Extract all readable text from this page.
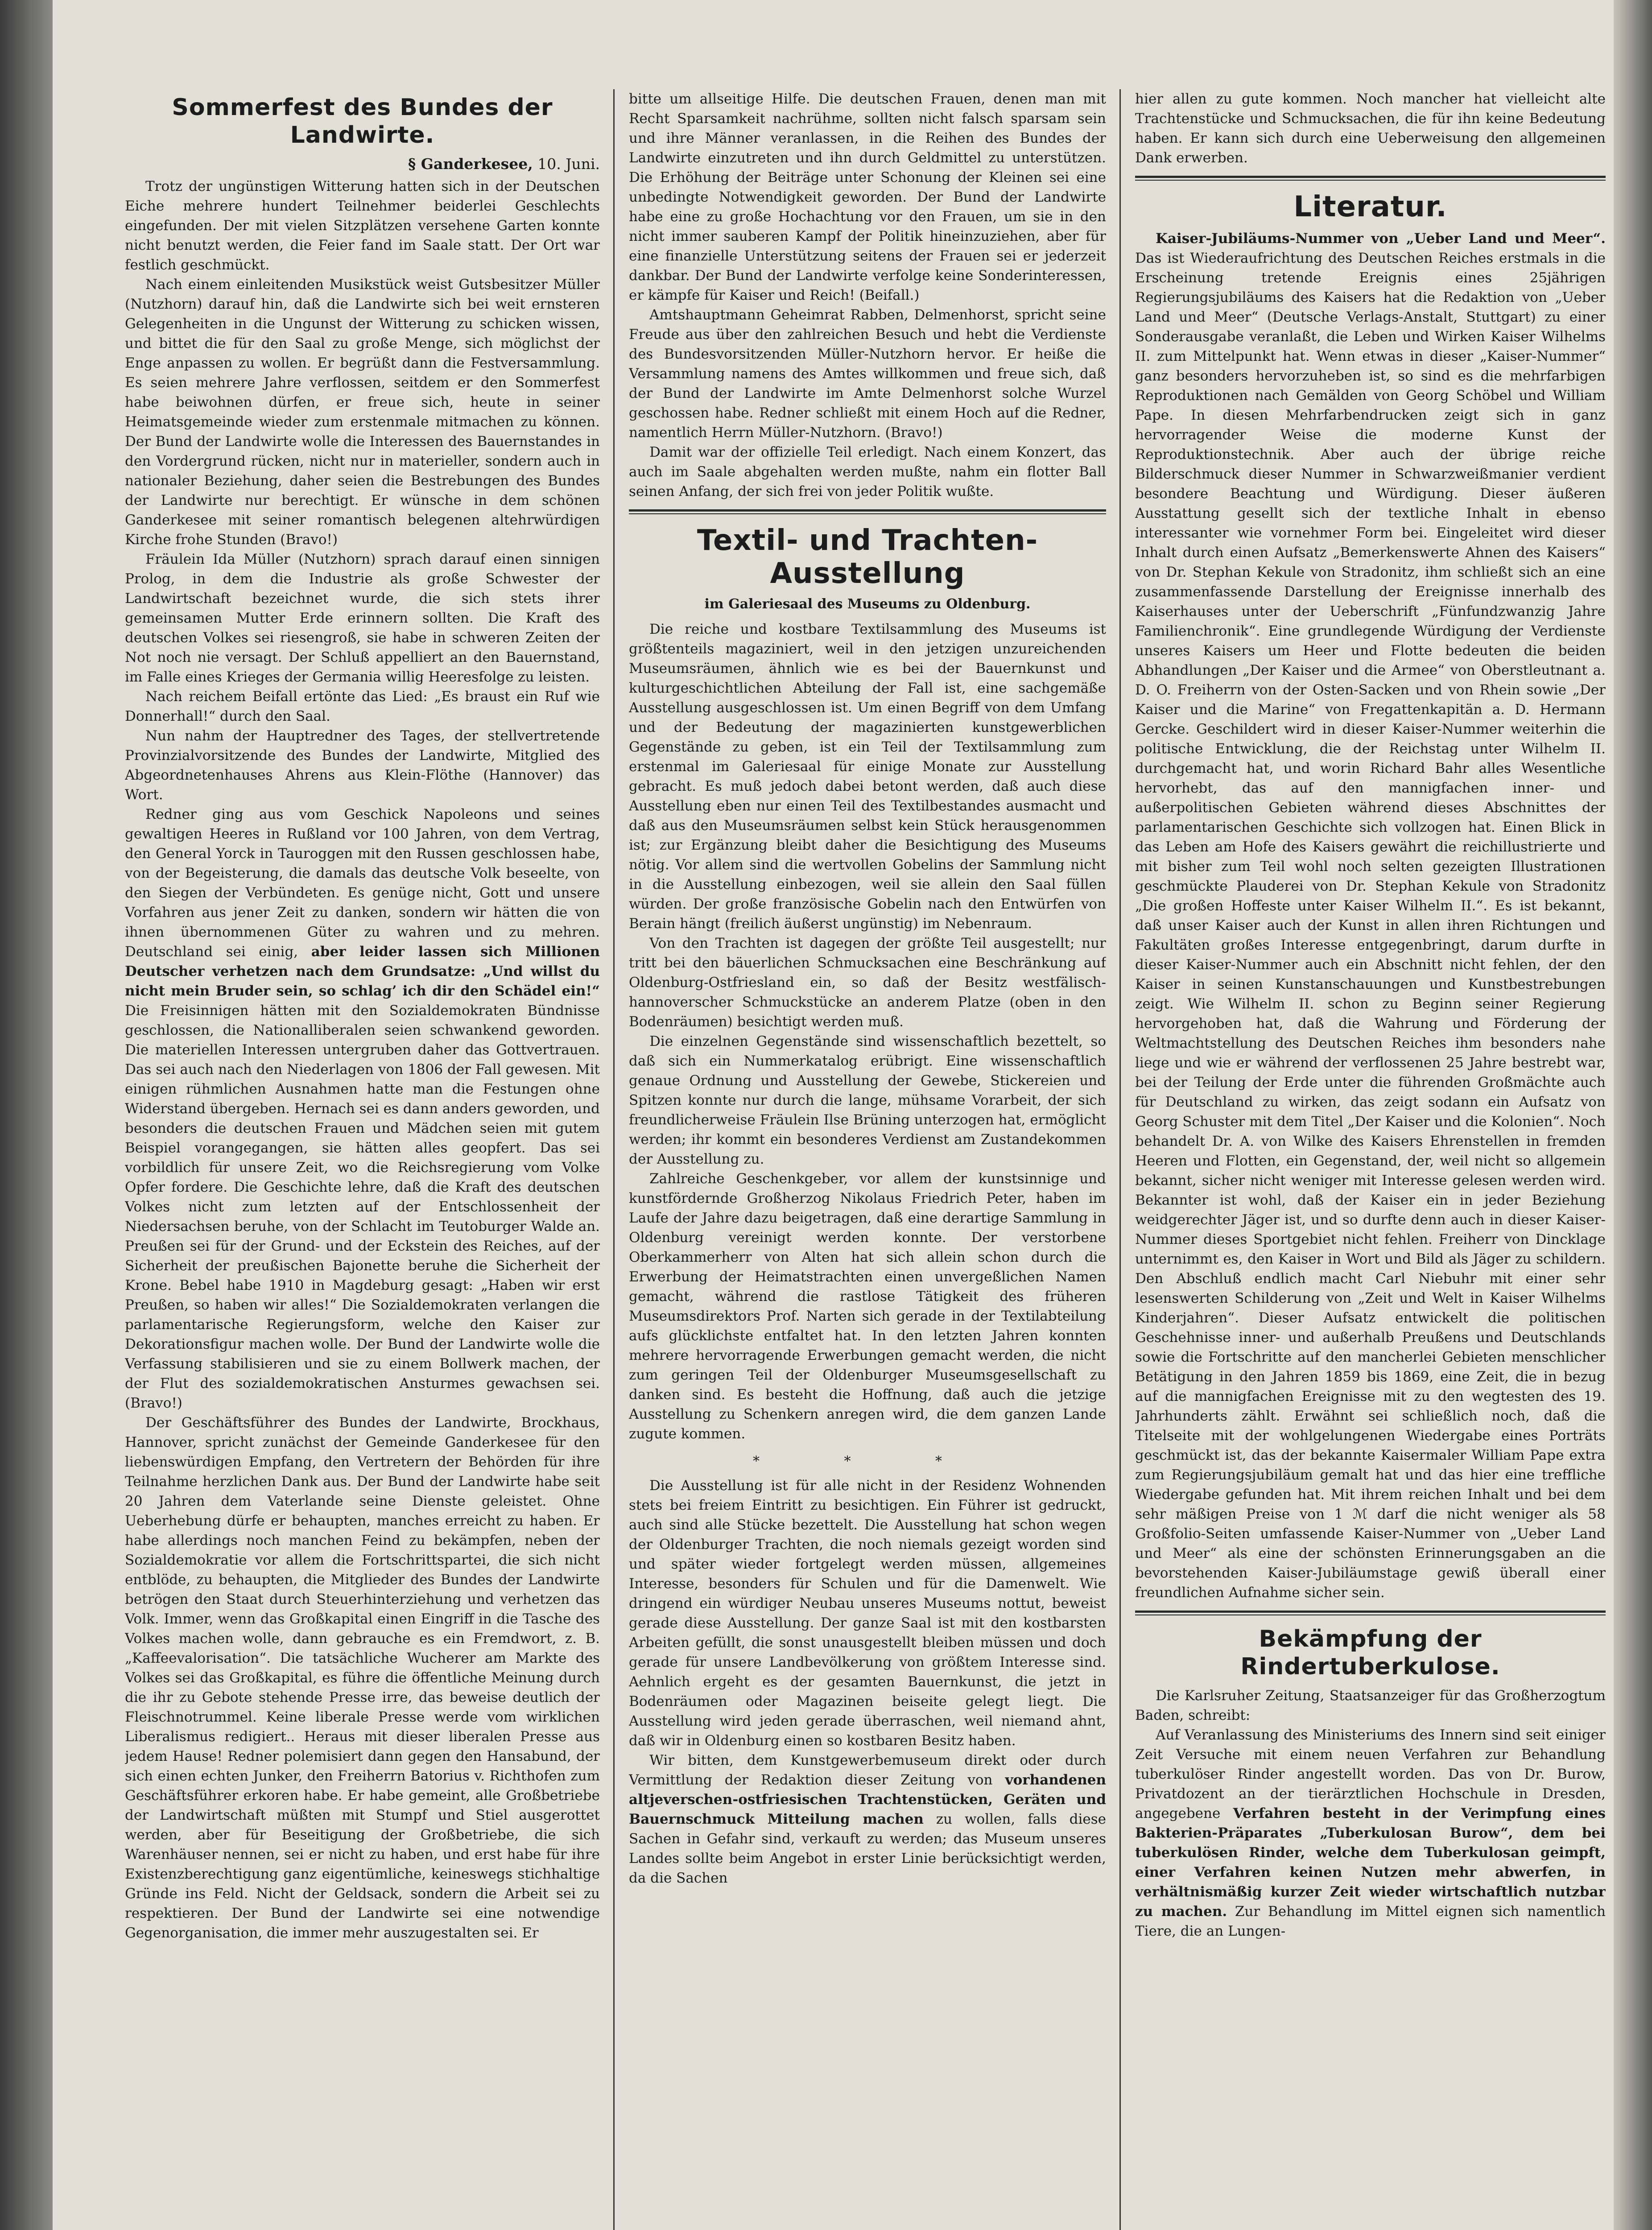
Sommerfest des Bundes der Landwirte.
§ Ganderkesee, 10. Juni.

Trotz der ungünstigen Witterung hatten sich in der Deutschen Eiche mehrere hundert Teilnehmer beiderlei Geschlechts eingefunden. Der mit vielen Sitzplätzen versehene Garten konnte nicht benutzt werden, die Feier fand im Saale statt. Der Ort war festlich geschmückt.

Nach einem einleitenden Musikstück weist Gutsbesitzer Müller (Nutzhorn) darauf hin, daß die Landwirte sich bei weit ernsteren Gelegenheiten in die Ungunst der Witterung zu schicken wissen, und bittet die für den Saal zu große Menge, sich möglichst der Enge anpassen zu wollen. Er begrüßt dann die Festversammlung. Es seien mehrere Jahre verflossen, seitdem er den Sommerfest habe beiwohnen dürfen, er freue sich, heute in seiner Heimatsgemeinde wieder zum erstenmale mitmachen zu können. Der Bund der Landwirte wolle die Interessen des Bauernstandes in den Vordergrund rücken, nicht nur in materieller, sondern auch in nationaler Beziehung, daher seien die Bestrebungen des Bundes der Landwirte nur berechtigt. Er wünsche in dem schönen Ganderkesee mit seiner romantisch belegenen altehrwürdigen Kirche frohe Stunden (Bravo!)

Fräulein Ida Müller (Nutzhorn) sprach darauf einen sinnigen Prolog, in dem die Industrie als große Schwester der Landwirtschaft bezeichnet wurde, die sich stets ihrer gemeinsamen Mutter Erde erinnern sollten. Die Kraft des deutschen Volkes sei riesengroß, sie habe in schweren Zeiten der Not noch nie versagt. Der Schluß appelliert an den Bauernstand, im Falle eines Krieges der Germania willig Heeresfolge zu leisten.

Nach reichem Beifall ertönte das Lied: „Es braust ein Ruf wie Donnerhall!“ durch den Saal.

Nun nahm der Hauptredner des Tages, der stellvertretende Provinzialvorsitzende des Bundes der Landwirte, Mitglied des Abgeordnetenhauses Ahrens aus Klein-Flöthe (Hannover) das Wort.

Redner ging aus vom Geschick Napoleons und seines gewaltigen Heeres in Rußland vor 100 Jahren, von dem Vertrag, den General Yorck in Tauroggen mit den Russen geschlossen habe, von der Begeisterung, die damals das deutsche Volk beseelte, von den Siegen der Verbündeten. Es genüge nicht, Gott und unsere Vorfahren aus jener Zeit zu danken, sondern wir hätten die von ihnen übernommenen Güter zu wahren und zu mehren. Deutschland sei einig, aber leider lassen sich Millionen Deutscher verhetzen nach dem Grundsatze: „Und willst du nicht mein Bruder sein, so schlag’ ich dir den Schädel ein!“ Die Freisinnigen hätten mit den Sozialdemokraten Bündnisse geschlossen, die Nationalliberalen seien schwankend geworden. Die materiellen Interessen untergruben daher das Gottvertrauen. Das sei auch nach den Niederlagen von 1806 der Fall gewesen. Mit einigen rühmlichen Ausnahmen hatte man die Festungen ohne Widerstand übergeben. Hernach sei es dann anders geworden, und besonders die deutschen Frauen und Mädchen seien mit gutem Beispiel vorangegangen, sie hätten alles geopfert. Das sei vorbildlich für unsere Zeit, wo die Reichsregierung vom Volke Opfer fordere. Die Geschichte lehre, daß die Kraft des deutschen Volkes nicht zum letzten auf der Entschlossenheit der Niedersachsen beruhe, von der Schlacht im Teutoburger Walde an. Preußen sei für der Grund- und der Eckstein des Reiches, auf der Sicherheit der preußischen Bajonette beruhe die Sicherheit der Krone. Bebel habe 1910 in Magdeburg gesagt: „Haben wir erst Preußen, so haben wir alles!“ Die Sozialdemokraten verlangen die parlamentarische Regierungsform, welche den Kaiser zur Dekorationsfigur machen wolle. Der Bund der Landwirte wolle die Verfassung stabilisieren und sie zu einem Bollwerk machen, der der Flut des sozialdemokratischen Ansturmes gewachsen sei. (Bravo!)

Der Geschäftsführer des Bundes der Landwirte, Brockhaus, Hannover, spricht zunächst der Gemeinde Ganderkesee für den liebenswürdigen Empfang, den Vertretern der Behörden für ihre Teilnahme herzlichen Dank aus. Der Bund der Landwirte habe seit 20 Jahren dem Vaterlande seine Dienste geleistet. Ohne Ueberhebung dürfe er behaupten, manches erreicht zu haben. Er habe allerdings noch manchen Feind zu bekämpfen, neben der Sozialdemokratie vor allem die Fortschrittspartei, die sich nicht entblöde, zu behaupten, die Mitglieder des Bundes der Landwirte betrögen den Staat durch Steuerhinterziehung und verhetzen das Volk. Immer, wenn das Großkapital einen Eingriff in die Tasche des Volkes machen wolle, dann gebrauche es ein Fremdwort, z. B. „Kaffeevalorisation“. Die tatsächliche Wucherer am Markte des Volkes sei das Großkapital, es führe die öffentliche Meinung durch die ihr zu Gebote stehende Presse irre, das beweise deutlich der Fleischnotrummel. Keine liberale Presse werde vom wirklichen Liberalismus redigiert.. Heraus mit dieser liberalen Presse aus jedem Hause! Redner polemisiert dann gegen den Hansabund, der sich einen echten Junker, den Freiherrn Batorius v. Richthofen zum Geschäftsführer erkoren habe. Er habe gemeint, alle Großbetriebe der Landwirtschaft müßten mit Stumpf und Stiel ausgerottet werden, aber für Beseitigung der Großbetriebe, die sich Warenhäuser nennen, sei er nicht zu haben, und erst habe für ihre Existenzberechtigung ganz eigentümliche, keineswegs stichhaltige Gründe ins Feld. Nicht der Geldsack, sondern die Arbeit sei zu respektieren. Der Bund der Landwirte sei eine notwendige Gegenorganisation, die immer mehr auszugestalten sei. Er

bitte um allseitige Hilfe. Die deutschen Frauen, denen man mit Recht Sparsamkeit nachrühme, sollten nicht falsch sparsam sein und ihre Männer veranlassen, in die Reihen des Bundes der Landwirte einzutreten und ihn durch Geldmittel zu unterstützen. Die Erhöhung der Beiträge unter Schonung der Kleinen sei eine unbedingte Notwendigkeit geworden. Der Bund der Landwirte habe eine zu große Hochachtung vor den Frauen, um sie in den nicht immer sauberen Kampf der Politik hineinzuziehen, aber für eine finanzielle Unterstützung seitens der Frauen sei er jederzeit dankbar. Der Bund der Landwirte verfolge keine Sonderinteressen, er kämpfe für Kaiser und Reich! (Beifall.)

Amtshauptmann Geheimrat Rabben, Delmenhorst, spricht seine Freude aus über den zahlreichen Besuch und hebt die Verdienste des Bundesvorsitzenden Müller-Nutzhorn hervor. Er heiße die Versammlung namens des Amtes willkommen und freue sich, daß der Bund der Landwirte im Amte Delmenhorst solche Wurzel geschossen habe. Redner schließt mit einem Hoch auf die Redner, namentlich Herrn Müller-Nutzhorn. (Bravo!)

Damit war der offizielle Teil erledigt. Nach einem Konzert, das auch im Saale abgehalten werden mußte, nahm ein flotter Ball seinen Anfang, der sich frei von jeder Politik wußte.

Textil- und Trachten-Ausstellung
im Galeriesaal des Museums zu Oldenburg.

Die reiche und kostbare Textilsammlung des Museums ist größtenteils magaziniert, weil in den jetzigen unzureichenden Museumsräumen, ähnlich wie es bei der Bauernkunst und kulturgeschichtlichen Abteilung der Fall ist, eine sachgemäße Ausstellung ausgeschlossen ist. Um einen Begriff von dem Umfang und der Bedeutung der magazinierten kunstgewerblichen Gegenstände zu geben, ist ein Teil der Textilsammlung zum erstenmal im Galeriesaal für einige Monate zur Ausstellung gebracht. Es muß jedoch dabei betont werden, daß auch diese Ausstellung eben nur einen Teil des Textilbestandes ausmacht und daß aus den Museumsräumen selbst kein Stück herausgenommen ist; zur Ergänzung bleibt daher die Besichtigung des Museums nötig. Vor allem sind die wertvollen Gobelins der Sammlung nicht in die Ausstellung einbezogen, weil sie allein den Saal füllen würden. Der große französische Gobelin nach den Entwürfen von Berain hängt (freilich äußerst ungünstig) im Nebenraum.

Von den Trachten ist dagegen der größte Teil ausgestellt; nur tritt bei den bäuerlichen Schmucksachen eine Beschränkung auf Oldenburg-Ostfriesland ein, so daß der Besitz westfälisch-hannoverscher Schmuckstücke an anderem Platze (oben in den Bodenräumen) besichtigt werden muß.

Die einzelnen Gegenstände sind wissenschaftlich bezettelt, so daß sich ein Nummerkatalog erübrigt. Eine wissenschaftlich genaue Ordnung und Ausstellung der Gewebe, Stickereien und Spitzen konnte nur durch die lange, mühsame Vorarbeit, der sich freundlicherweise Fräulein Ilse Brüning unterzogen hat, ermöglicht werden; ihr kommt ein besonderes Verdienst am Zustandekommen der Ausstellung zu.

Zahlreiche Geschenkgeber, vor allem der kunstsinnige und kunstfördernde Großherzog Nikolaus Friedrich Peter, haben im Laufe der Jahre dazu beigetragen, daß eine derartige Sammlung in Oldenburg vereinigt werden konnte. Der verstorbene Oberkammerherr von Alten hat sich allein schon durch die Erwerbung der Heimatstrachten einen unvergeßlichen Namen gemacht, während die rastlose Tätigkeit des früheren Museumsdirektors Prof. Narten sich gerade in der Textilabteilung aufs glücklichste entfaltet hat. In den letzten Jahren konnten mehrere hervorragende Erwerbungen gemacht werden, die nicht zum geringen Teil der Oldenburger Museumsgesellschaft zu danken sind. Es besteht die Hoffnung, daß auch die jetzige Ausstellung zu Schenkern anregen wird, die dem ganzen Lande zugute kommen.

* * *

Die Ausstellung ist für alle nicht in der Residenz Wohnenden stets bei freiem Eintritt zu besichtigen. Ein Führer ist gedruckt, auch sind alle Stücke bezettelt. Die Ausstellung hat schon wegen der Oldenburger Trachten, die noch niemals gezeigt worden sind und später wieder fortgelegt werden müssen, allgemeines Interesse, besonders für Schulen und für die Damenwelt. Wie dringend ein würdiger Neubau unseres Museums nottut, beweist gerade diese Ausstellung. Der ganze Saal ist mit den kostbarsten Arbeiten gefüllt, die sonst unausgestellt bleiben müssen und doch gerade für unsere Landbevölkerung von größtem Interesse sind. Aehnlich ergeht es der gesamten Bauernkunst, die jetzt in Bodenräumen oder Magazinen beiseite gelegt liegt. Die Ausstellung wird jeden gerade überraschen, weil niemand ahnt, daß wir in Oldenburg einen so kostbaren Besitz haben.

Wir bitten, dem Kunstgewerbemuseum direkt oder durch Vermittlung der Redaktion dieser Zeitung von vorhandenen altjeverschen-ostfriesischen Trachtenstücken, Geräten und Bauernschmuck Mitteilung machen zu wollen, falls diese Sachen in Gefahr sind, verkauft zu werden; das Museum unseres Landes sollte beim Angebot in erster Linie berücksichtigt werden, da die Sachen

hier allen zu gute kommen. Noch mancher hat vielleicht alte Trachtenstücke und Schmucksachen, die für ihn keine Bedeutung haben. Er kann sich durch eine Ueberweisung den allgemeinen Dank erwerben.

Literatur.

Kaiser-Jubiläums-Nummer von „Ueber Land und Meer“. Das ist Wiederaufrichtung des Deutschen Reiches erstmals in die Erscheinung tretende Ereignis eines 25jährigen Regierungsjubiläums des Kaisers hat die Redaktion von „Ueber Land und Meer“ (Deutsche Verlags-Anstalt, Stuttgart) zu einer Sonderausgabe veranlaßt, die Leben und Wirken Kaiser Wilhelms II. zum Mittelpunkt hat. Wenn etwas in dieser „Kaiser-Nummer“ ganz besonders hervorzuheben ist, so sind es die mehrfarbigen Reproduktionen nach Gemälden von Georg Schöbel und William Pape. In diesen Mehrfarbendrucken zeigt sich in ganz hervorragender Weise die moderne Kunst der Reproduktionstechnik. Aber auch der übrige reiche Bilderschmuck dieser Nummer in Schwarzweißmanier verdient besondere Beachtung und Würdigung. Dieser äußeren Ausstattung gesellt sich der textliche Inhalt in ebenso interessanter wie vornehmer Form bei. Eingeleitet wird dieser Inhalt durch einen Aufsatz „Bemerkenswerte Ahnen des Kaisers“ von Dr. Stephan Kekule von Stradonitz, ihm schließt sich an eine zusammenfassende Darstellung der Ereignisse innerhalb des Kaiserhauses unter der Ueberschrift „Fünfundzwanzig Jahre Familienchronik“. Eine grundlegende Würdigung der Verdienste unseres Kaisers um Heer und Flotte bedeuten die beiden Abhandlungen „Der Kaiser und die Armee“ von Oberstleutnant a. D. O. Freiherrn von der Osten-Sacken und von Rhein sowie „Der Kaiser und die Marine“ von Fregattenkapitän a. D. Hermann Gercke. Geschildert wird in dieser Kaiser-Nummer weiterhin die politische Entwicklung, die der Reichstag unter Wilhelm II. durchgemacht hat, und worin Richard Bahr alles Wesentliche hervorhebt, das auf den mannigfachen inner- und außerpolitischen Gebieten während dieses Abschnittes der parlamentarischen Geschichte sich vollzogen hat. Einen Blick in das Leben am Hofe des Kaisers gewährt die reichillustrierte und mit bisher zum Teil wohl noch selten gezeigten Illustrationen geschmückte Plauderei von Dr. Stephan Kekule von Stradonitz „Die großen Hoffeste unter Kaiser Wilhelm II.“. Es ist bekannt, daß unser Kaiser auch der Kunst in allen ihren Richtungen und Fakultäten großes Interesse entgegenbringt, darum durfte in dieser Kaiser-Nummer auch ein Abschnitt nicht fehlen, der den Kaiser in seinen Kunstanschauungen und Kunstbestrebungen zeigt. Wie Wilhelm II. schon zu Beginn seiner Regierung hervorgehoben hat, daß die Wahrung und Förderung der Weltmachtstellung des Deutschen Reiches ihm besonders nahe liege und wie er während der verflossenen 25 Jahre bestrebt war, bei der Teilung der Erde unter die führenden Großmächte auch für Deutschland zu wirken, das zeigt sodann ein Aufsatz von Georg Schuster mit dem Titel „Der Kaiser und die Kolonien“. Noch behandelt Dr. A. von Wilke des Kaisers Ehrenstellen in fremden Heeren und Flotten, ein Gegenstand, der, weil nicht so allgemein bekannt, sicher nicht weniger mit Interesse gelesen werden wird. Bekannter ist wohl, daß der Kaiser ein in jeder Beziehung weidgerechter Jäger ist, und so durfte denn auch in dieser Kaiser-Nummer dieses Sportgebiet nicht fehlen. Freiherr von Dincklage unternimmt es, den Kaiser in Wort und Bild als Jäger zu schildern. Den Abschluß endlich macht Carl Niebuhr mit einer sehr lesenswerten Schilderung von „Zeit und Welt in Kaiser Wilhelms Kinderjahren“. Dieser Aufsatz entwickelt die politischen Geschehnisse inner- und außerhalb Preußens und Deutschlands sowie die Fortschritte auf den mancherlei Gebieten menschlicher Betätigung in den Jahren 1859 bis 1869, eine Zeit, die in bezug auf die mannigfachen Ereignisse mit zu den wegtesten des 19. Jahrhunderts zählt. Erwähnt sei schließlich noch, daß die Titelseite mit der wohlgelungenen Wiedergabe eines Porträts geschmückt ist, das der bekannte Kaisermaler William Pape extra zum Regierungsjubiläum gemalt hat und das hier eine treffliche Wiedergabe gefunden hat. Mit ihrem reichen Inhalt und bei dem sehr mäßigen Preise von 1 ℳ darf die nicht weniger als 58 Großfolio-Seiten umfassende Kaiser-Nummer von „Ueber Land und Meer“ als eine der schönsten Erinnerungsgaben an die bevorstehenden Kaiser-Jubiläumstage gewiß überall einer freundlichen Aufnahme sicher sein.

Bekämpfung der Rindertuberkulose.

Die Karlsruher Zeitung, Staatsanzeiger für das Großherzogtum Baden, schreibt:

Auf Veranlassung des Ministeriums des Innern sind seit einiger Zeit Versuche mit einem neuen Verfahren zur Behandlung tuberkulöser Rinder angestellt worden. Das von Dr. Burow, Privatdozent an der tierärztlichen Hochschule in Dresden, angegebene Verfahren besteht in der Verimpfung eines Bakterien-Präparates „Tuberkulosan Burow“, dem bei tuberkulösen Rinder, welche dem Tuberkulosan geimpft, einer Verfahren keinen Nutzen mehr abwerfen, in verhältnismäßig kurzer Zeit wieder wirtschaftlich nutzbar zu machen. Zur Behandlung im Mittel eignen sich namentlich Tiere, die an Lungen-
